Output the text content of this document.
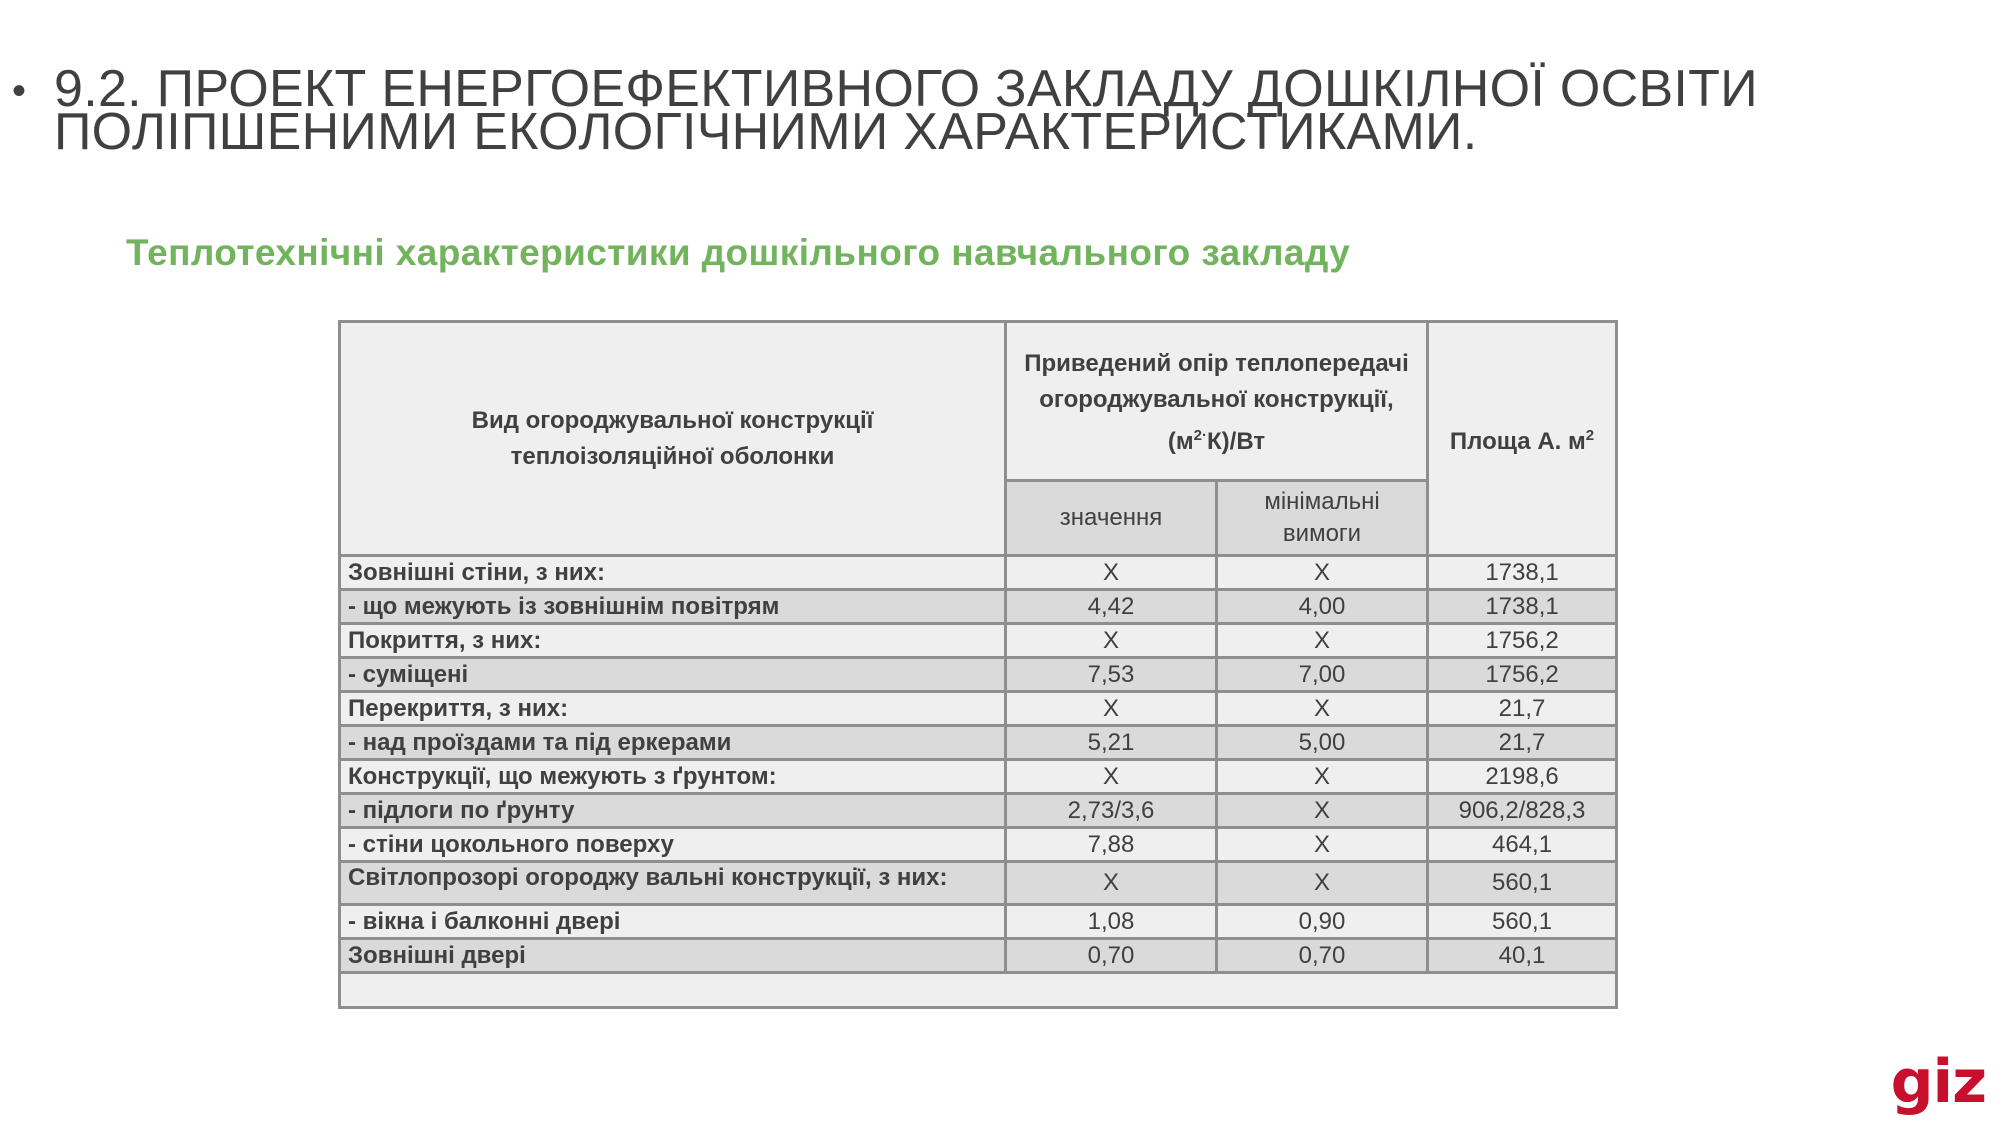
• 9.2. ПРОЕКТ ЕНЕРГОЕФЕКТИВНОГО ЗАКЛАДУ ДОШКІЛНОЇ ОСВІТИ
ПОЛІПШЕНИМИ ЕКОЛОГІЧНИМИ ХАРАКТЕРИСТИКАМИ.
Теплотехнічні характеристики дошкільного навчального закладу
Вид огороджувальної конструкції теплоізоляційної оболонки	Приведений опір теплопередачі огороджувальної конструкції,
$(м^{2\cdot}К)/Вт$		Площа А. $м^2$
	значення	мінімальні вимоги	
Зовнішні стіни, з них:	X	X	1738,1
- що межують із зовнішнім повітрям	4,42	4,00	1738,1
Покриття, з них:	X	X	1756,2
- суміщені	7,53	7,00	1756,2
Перекриття, з них:	X	X	21,7
- над проїздами та під еркерами	5,21	5,00	21,7
Конструкції, що межують з ґрунтом:	X	X	2198,6
- підлоги по ґрунту	2,73/3,6	X	906,2/828,3
- стіни цокольного поверху	7,88	X	464,1
Світлопрозорі огороджу вальні конструкції, з них:	X	X	560,1
- вікна і балконні двері	1,08	0,90	560,1
Зовнішні двері	0,70	0,70	40,1

giz
